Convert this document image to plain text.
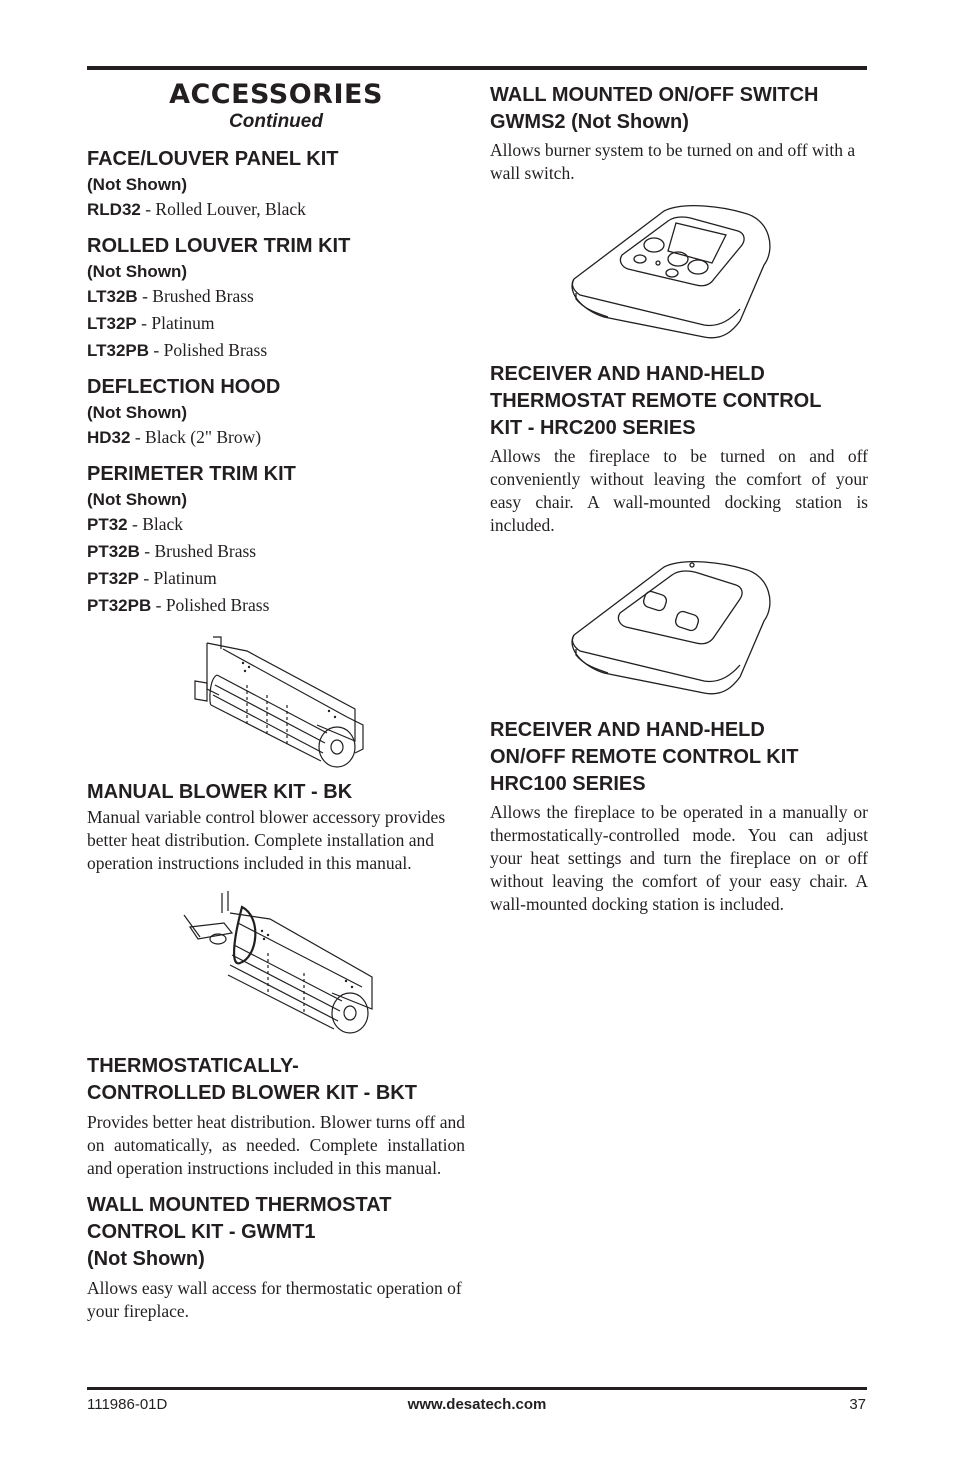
ACCESSORIES
Continued
FACE/LOUVER PANEL KIT
(Not Shown)
RLD32 - Rolled Louver, Black
ROLLED LOUVER TRIM KIT
(Not Shown)
LT32B - Brushed Brass
LT32P - Platinum
LT32PB - Polished Brass
DEFLECTION HOOD
(Not Shown)
HD32 - Black (2" Brow)
PERIMETER TRIM KIT
(Not Shown)
PT32 - Black
PT32B - Brushed Brass
PT32P - Platinum
PT32PB - Polished Brass
MANUAL BLOWER KIT - BK

Manual variable control blower accessory provides better heat distribution. Complete installation and operation instructions included in this manual.

THERMOSTATICALLY-
CONTROLLED BLOWER KIT - BKT

Provides better heat distribution. Blower turns off and on automatically, as needed. Complete installation and operation instructions included in this manual.

WALL MOUNTED THERMOSTAT
CONTROL KIT - GWMT1
(Not Shown)

Allows easy wall access for thermostatic operation of your fireplace.

WALL MOUNTED ON/OFF SWITCH
GWMS2 (Not Shown)

Allows burner system to be turned on and off with a wall switch.

RECEIVER AND HAND-HELD
THERMOSTAT REMOTE CONTROL
KIT - HRC200 SERIES

Allows the fireplace to be turned on and off conveniently without leaving the comfort of your easy chair. A wall-mounted docking station is included.

RECEIVER AND HAND-HELD
ON/OFF REMOTE CONTROL KIT
HRC100 SERIES

Allows the fireplace to be operated in a manually or thermostatically-controlled mode. You can adjust your heat settings and turn the fireplace on or off without leaving the comfort of your easy chair. A wall-mounted docking station is included.

111986-01D	www.desatech.com	37
